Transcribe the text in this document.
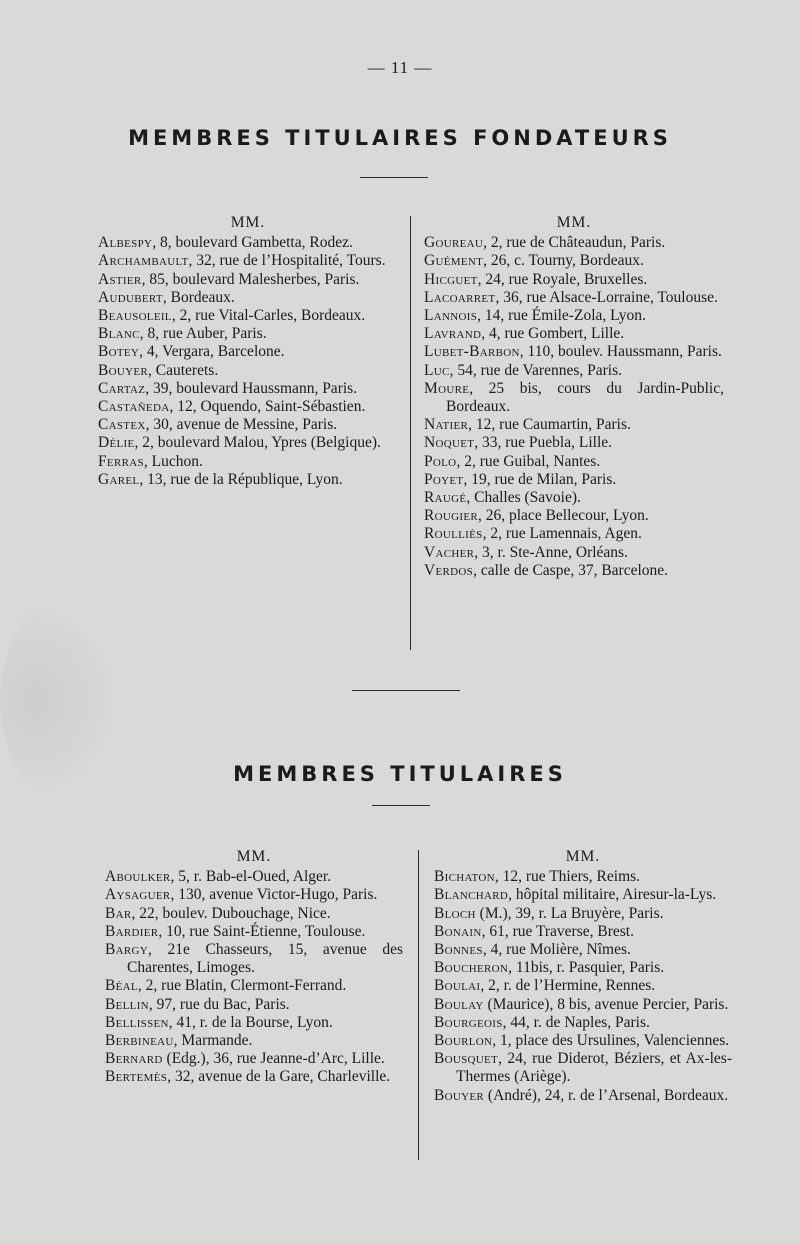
— 11 —
MEMBRES TITULAIRES FONDATEURS
MM.

Albespy, 8, boulevard Gambetta, Rodez.

Archambault, 32, rue de l’Hospitalité, Tours.

Astier, 85, boulevard Malesherbes, Paris.

Audubert, Bordeaux.

Beausoleil, 2, rue Vital-Carles, Bordeaux.

Blanc, 8, rue Auber, Paris.

Botey, 4, Vergara, Barcelone.

Bouyer, Cauterets.

Cartaz, 39, boulevard Haussmann, Paris.

Castañeda, 12, Oquendo, Saint-Sébastien.

Castex, 30, avenue de Messine, Paris.

Délie, 2, boulevard Malou, Ypres (Belgique).

Ferras, Luchon.

Garel, 13, rue de la République, Lyon.

MM.

Goureau, 2, rue de Châteaudun, Paris.

Guément, 26, c. Tourny, Bordeaux.

Hicguet, 24, rue Royale, Bruxelles.

Lacoarret, 36, rue Alsace-Lorraine, Toulouse.

Lannois, 14, rue Émile-Zola, Lyon.

Lavrand, 4, rue Gombert, Lille.

Lubet-Barbon, 110, boulev. Haussmann, Paris.

Luc, 54, rue de Varennes, Paris.

Moure, 25 bis, cours du Jardin-Public, Bordeaux.

Natier, 12, rue Caumartin, Paris.

Noquet, 33, rue Puebla, Lille.

Polo, 2, rue Guibal, Nantes.

Poyet, 19, rue de Milan, Paris.

Raugé, Challes (Savoie).

Rougier, 26, place Bellecour, Lyon.

Roulliès, 2, rue Lamennais, Agen.

Vacher, 3, r. Ste-Anne, Orléans.

Verdos, calle de Caspe, 37, Barcelone.

MEMBRES TITULAIRES
MM.

Aboulker, 5, r. Bab-el-Oued, Alger.

Aysaguer, 130, avenue Victor-Hugo, Paris.

Bar, 22, boulev. Dubouchage, Nice.

Bardier, 10, rue Saint-Étienne, Toulouse.

Bargy, 21e Chasseurs, 15, avenue des Charentes, Limoges.

Béal, 2, rue Blatin, Clermont-Ferrand.

Bellin, 97, rue du Bac, Paris.

Bellissen, 41, r. de la Bourse, Lyon.

Berbineau, Marmande.

Bernard (Edg.), 36, rue Jeanne-d’Arc, Lille.

Bertemès, 32, avenue de la Gare, Charleville.

MM.

Bichaton, 12, rue Thiers, Reims.

Blanchard, hôpital militaire, Airesur-la-Lys.

Bloch (M.), 39, r. La Bruyère, Paris.

Bonain, 61, rue Traverse, Brest.

Bonnes, 4, rue Molière, Nîmes.

Boucheron, 11bis, r. Pasquier, Paris.

Boulai, 2, r. de l’Hermine, Rennes.

Boulay (Maurice), 8 bis, avenue Percier, Paris.

Bourgeois, 44, r. de Naples, Paris.

Bourlon, 1, place des Ursulines, Valenciennes.

Bousquet, 24, rue Diderot, Béziers, et Ax-les-Thermes (Ariège).

Bouyer (André), 24, r. de l’Arsenal, Bordeaux.
